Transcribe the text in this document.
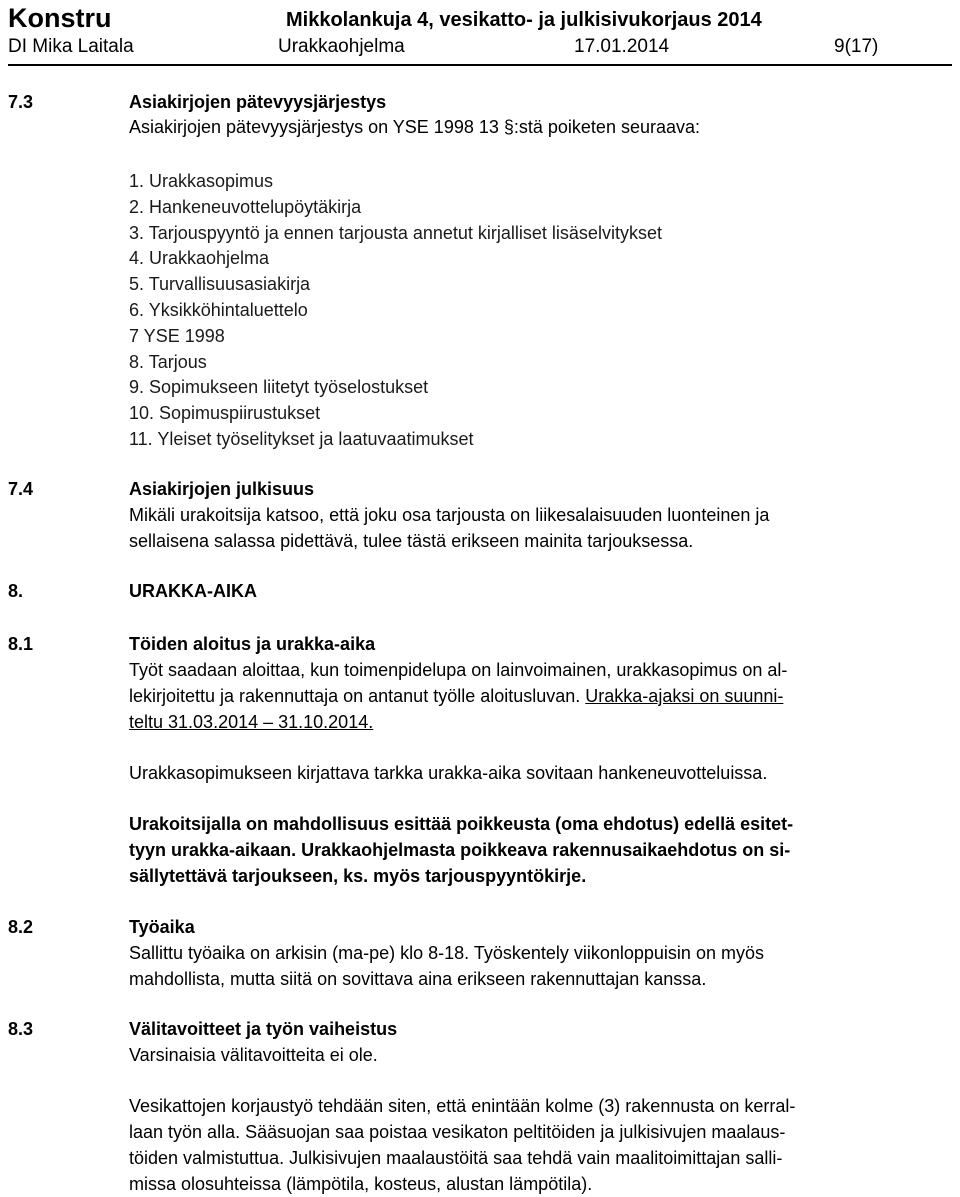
Konstru	Mikkolankuja 4, vesikatto- ja julkisivukorjaus 2014
DI Mika Laitala	Urakkaohjelma	17.01.2014	9(17)
7.3	Asiakirjojen pätevyysjärjestys
Asiakirjojen pätevyysjärjestys on YSE 1998 13 §:stä poiketen seuraava:
1. Urakkasopimus
2. Hankeneuvottelupöytäkirja
3. Tarjouspyyntö ja ennen tarjousta annetut kirjalliset lisäselvitykset
4. Urakkaohjelma
5. Turvallisuusasiakirja
6. Yksikköhintaluettelo
7 YSE 1998
8. Tarjous
9. Sopimukseen liitetyt työselostukset
10. Sopimuspiirustukset
11. Yleiset työselitykset ja laatuvaatimukset
7.4	Asiakirjojen julkisuus
Mikäli urakoitsija katsoo, että joku osa tarjousta on liikesalaisuuden luonteinen ja
sellaisena salassa pidettävä, tulee tästä erikseen mainita tarjouksessa.
8.	URAKKA-AIKA
8.1	Töiden aloitus ja urakka-aika
Työt saadaan aloittaa, kun toimenpidelupa on lainvoimainen, urakkasopimus on al-
lekirjoitettu ja rakennuttaja on antanut työlle aloitusluvan. Urakka-ajaksi on suunni-
teltu 31.03.2014 – 31.10.2014.
Urakkasopimukseen kirjattava tarkka urakka-aika sovitaan hankeneuvotteluissa.
Urakoitsijalla on mahdollisuus esittää poikkeusta (oma ehdotus) edellä esitet-
tyyn urakka-aikaan. Urakkaohjelmasta poikkeava rakennusaikaehdotus on si-
sällytettävä tarjoukseen, ks. myös tarjouspyyntökirje.
8.2	Työaika
Sallittu työaika on arkisin (ma-pe) klo 8-18. Työskentely viikonloppuisin on myös
mahdollista, mutta siitä on sovittava aina erikseen rakennuttajan kanssa.
8.3	Välitavoitteet ja työn vaiheistus
Varsinaisia välitavoitteita ei ole.
Vesikattojen korjaustyö tehdään siten, että enintään kolme (3) rakennusta on kerral-
laan työn alla. Sääsuojan saa poistaa vesikaton peltitöiden ja julkisivujen maalaus-
töiden valmistuttua. Julkisivujen maalaustöitä saa tehdä vain maalitoimittajan salli-
missa olosuhteissa (lämpötila, kosteus, alustan lämpötila).
